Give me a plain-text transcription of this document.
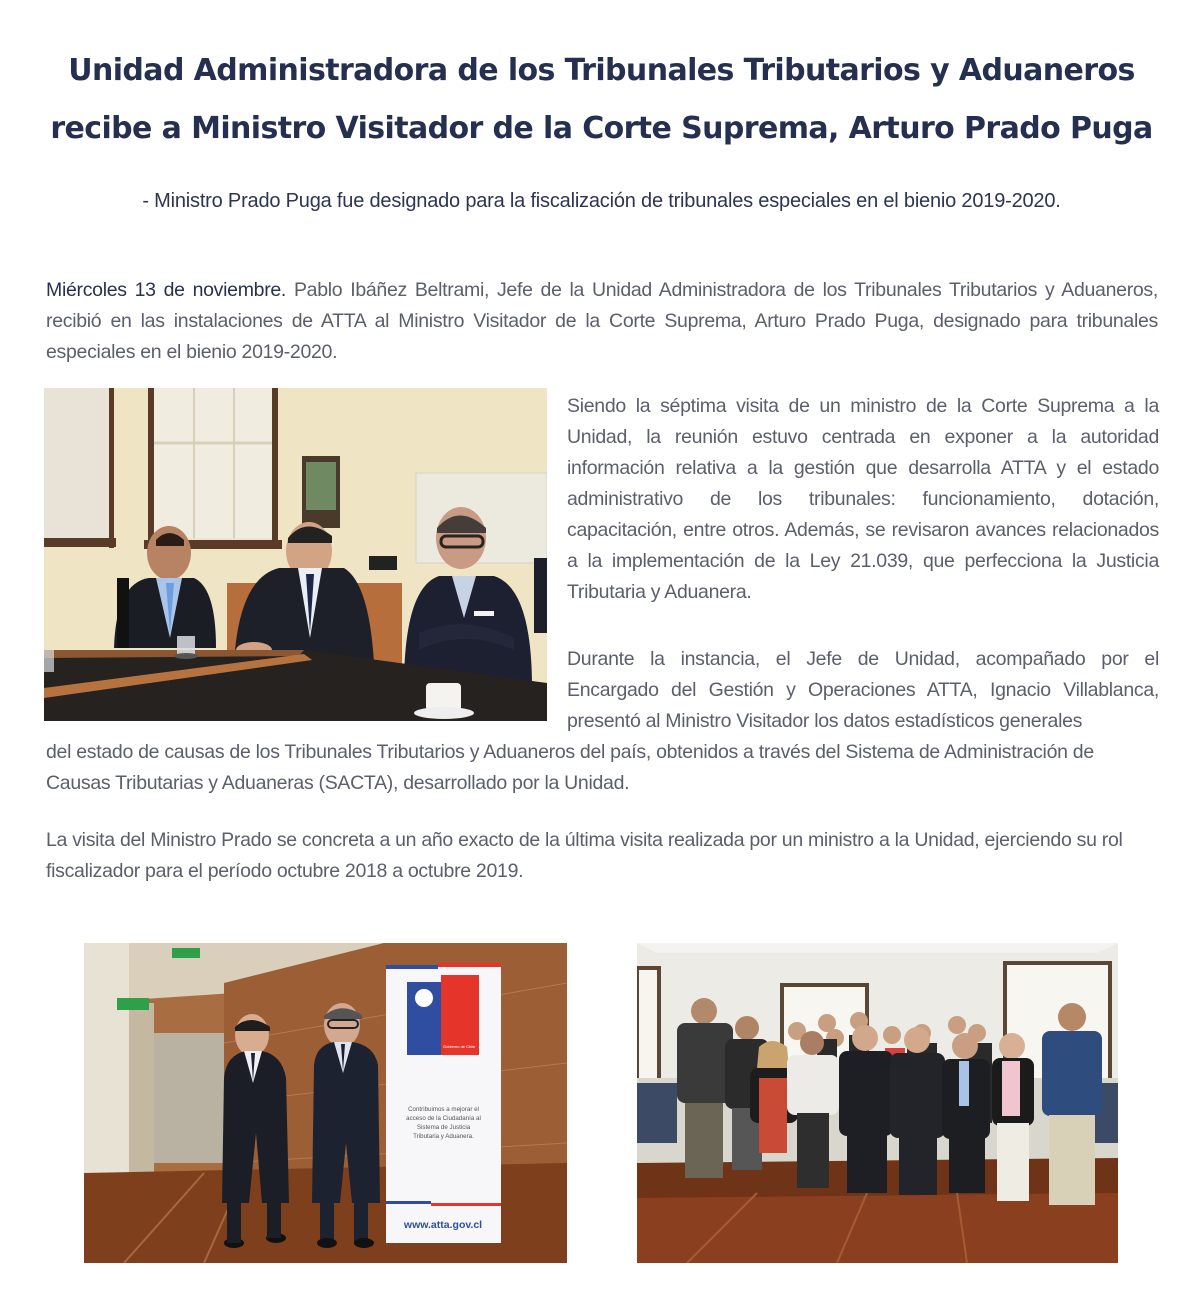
Unidad Administradora de los Tribunales Tributarios y Aduaneros
recibe a Ministro Visitador de la Corte Suprema, Arturo Prado Puga

- Ministro Prado Puga fue designado para la fiscalización de tribunales especiales en el bienio 2019-2020.

Miércoles 13 de noviembre. Pablo Ibáñez Beltrami, Jefe de la Unidad Administradora de los Tribunales Tributarios y Aduaneros, recibió en las instalaciones de ATTA al Ministro Visitador de la Corte Suprema, Arturo Prado Puga, designado para tribunales especiales en el bienio 2019-2020.

Siendo la séptima visita de un ministro de la Corte Suprema a la Unidad, la reunión estuvo centrada en exponer a la autoridad información relativa a la gestión que desarrolla ATTA y el estado administrativo de los tribunales: funcionamiento, dotación, capacitación, entre otros. Además, se revisaron avances relacionados a la implementación de la Ley 21.039, que perfecciona la Justicia Tributaria y Aduanera.

Durante la instancia, el Jefe de Unidad, acompañado por el Encargado del Gestión y Operaciones ATTA, Ignacio Villablanca, presentó al Ministro Visitador los datos estadísticos generales

del estado de causas de los Tribunales Tributarios y Aduaneros del país, obtenidos a través del Sistema de Administración de Causas Tributarias y Aduaneras (SACTA), desarrollado por la Unidad.

La visita del Ministro Prado se concreta a un año exacto de la última visita realizada por un ministro a la Unidad, ejerciendo su rol fiscalizador para el período octubre 2018 a octubre 2019.

Gobierno de Chile
Contribuimos a mejorar el
acceso de la Ciudadanía al
Sistema de Justicia
Tributaria y Aduanera.
www.atta.gov.cl
